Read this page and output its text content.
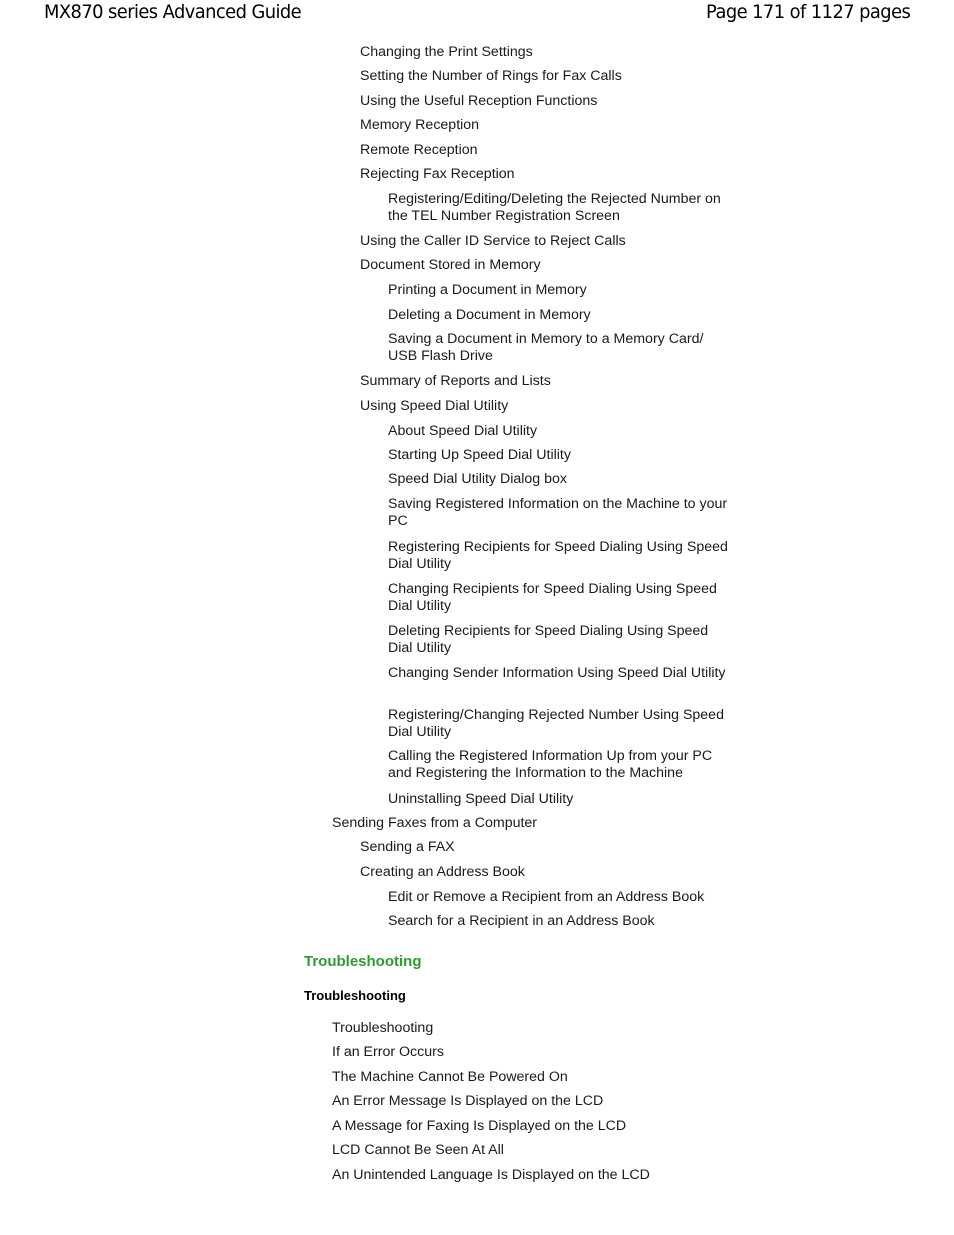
MX870 series Advanced Guide	Page 171 of 1127 pages
Changing the Print Settings
Setting the Number of Rings for Fax Calls
Using the Useful Reception Functions
Memory Reception
Remote Reception
Rejecting Fax Reception
Registering/Editing/Deleting the Rejected Number on the TEL Number Registration Screen
Using the Caller ID Service to Reject Calls
Document Stored in Memory
Printing a Document in Memory
Deleting a Document in Memory
Saving a Document in Memory to a Memory Card/ USB Flash Drive
Summary of Reports and Lists
Using Speed Dial Utility
About Speed Dial Utility
Starting Up Speed Dial Utility
Speed Dial Utility Dialog box
Saving Registered Information on the Machine to your PC
Registering Recipients for Speed Dialing Using Speed Dial Utility
Changing Recipients for Speed Dialing Using Speed Dial Utility
Deleting Recipients for Speed Dialing Using Speed Dial Utility
Changing Sender Information Using Speed Dial Utility
Registering/Changing Rejected Number Using Speed Dial Utility
Calling the Registered Information Up from your PC and Registering the Information to the Machine
Uninstalling Speed Dial Utility
Sending Faxes from a Computer
Sending a FAX
Creating an Address Book
Edit or Remove a Recipient from an Address Book
Search for a Recipient in an Address Book
Troubleshooting
Troubleshooting
Troubleshooting
If an Error Occurs
The Machine Cannot Be Powered On
An Error Message Is Displayed on the LCD
A Message for Faxing Is Displayed on the LCD
LCD Cannot Be Seen At All
An Unintended Language Is Displayed on the LCD
